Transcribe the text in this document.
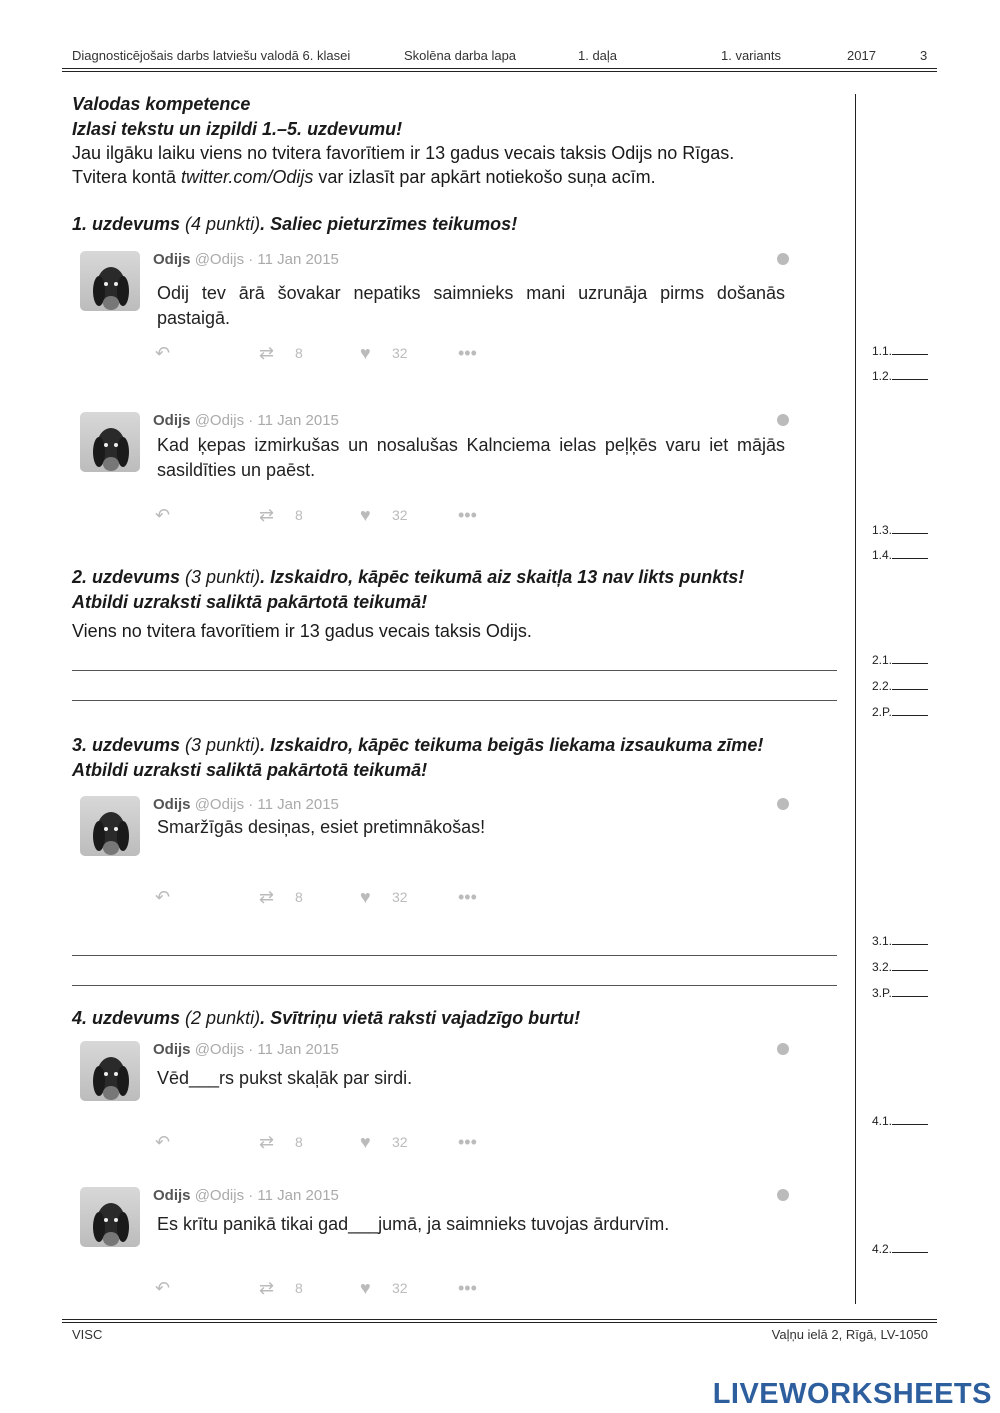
Diagnosticējošais darbs latviešu valodā 6. klasei	Skolēna darba lapa	1. daļa	1. variants	2017	3
Valodas kompetence
Izlasi tekstu un izpildi 1.–5. uzdevumu!
Jau ilgāku laiku viens no tvitera favorītiem ir 13 gadus vecais taksis Odijs no Rīgas.
Tvitera kontā twitter.com/Odijs var izlasīt par apkārt notiekošo suņa acīm.
1. uzdevums (4 punkti). Saliec pieturzīmes teikumos!
Odijs @Odijs · 11 Jan 2015
Odij tev ārā šovakar nepatiks saimnieks mani uzrunāja pirms došanās pastaigā.
↶	⇄ 8	♥ 32	•••
Odijs @Odijs · 11 Jan 2015
Kad ķepas izmirkušas un nosalušas Kalnciema ielas peļķēs varu iet mājās sasildīties un paēst.
↶	⇄ 8	♥ 32	•••
2. uzdevums (3 punkti). Izskaidro, kāpēc teikumā aiz skaitļa 13 nav likts punkts!
Atbildi uzraksti saliktā pakārtotā teikumā!
Viens no tvitera favorītiem ir 13 gadus vecais taksis Odijs.
3. uzdevums (3 punkti). Izskaidro, kāpēc teikuma beigās liekama izsaukuma zīme!
Atbildi uzraksti saliktā pakārtotā teikumā!
Odijs @Odijs · 11 Jan 2015
Smaržīgās desiņas, esiet pretimnākošas!
↶	⇄ 8	♥ 32	•••
4. uzdevums (2 punkti). Svītriņu vietā raksti vajadzīgo burtu!
Odijs @Odijs · 11 Jan 2015
Vēd___rs pukst skaļāk par sirdi.
↶	⇄ 8	♥ 32	•••
Odijs @Odijs · 11 Jan 2015
Es krītu panikā tikai gad___jumā, ja saimnieks tuvojas ārdurvīm.
↶	⇄ 8	♥ 32	•••
1.1.
1.2.
1.3.
1.4.
2.1.
2.2.
2.P.
3.1.
3.2.
3.P.
4.1.
4.2.
VISC	Vaļņu ielā 2, Rīgā, LV-1050
LIVEWORKSHEETS
